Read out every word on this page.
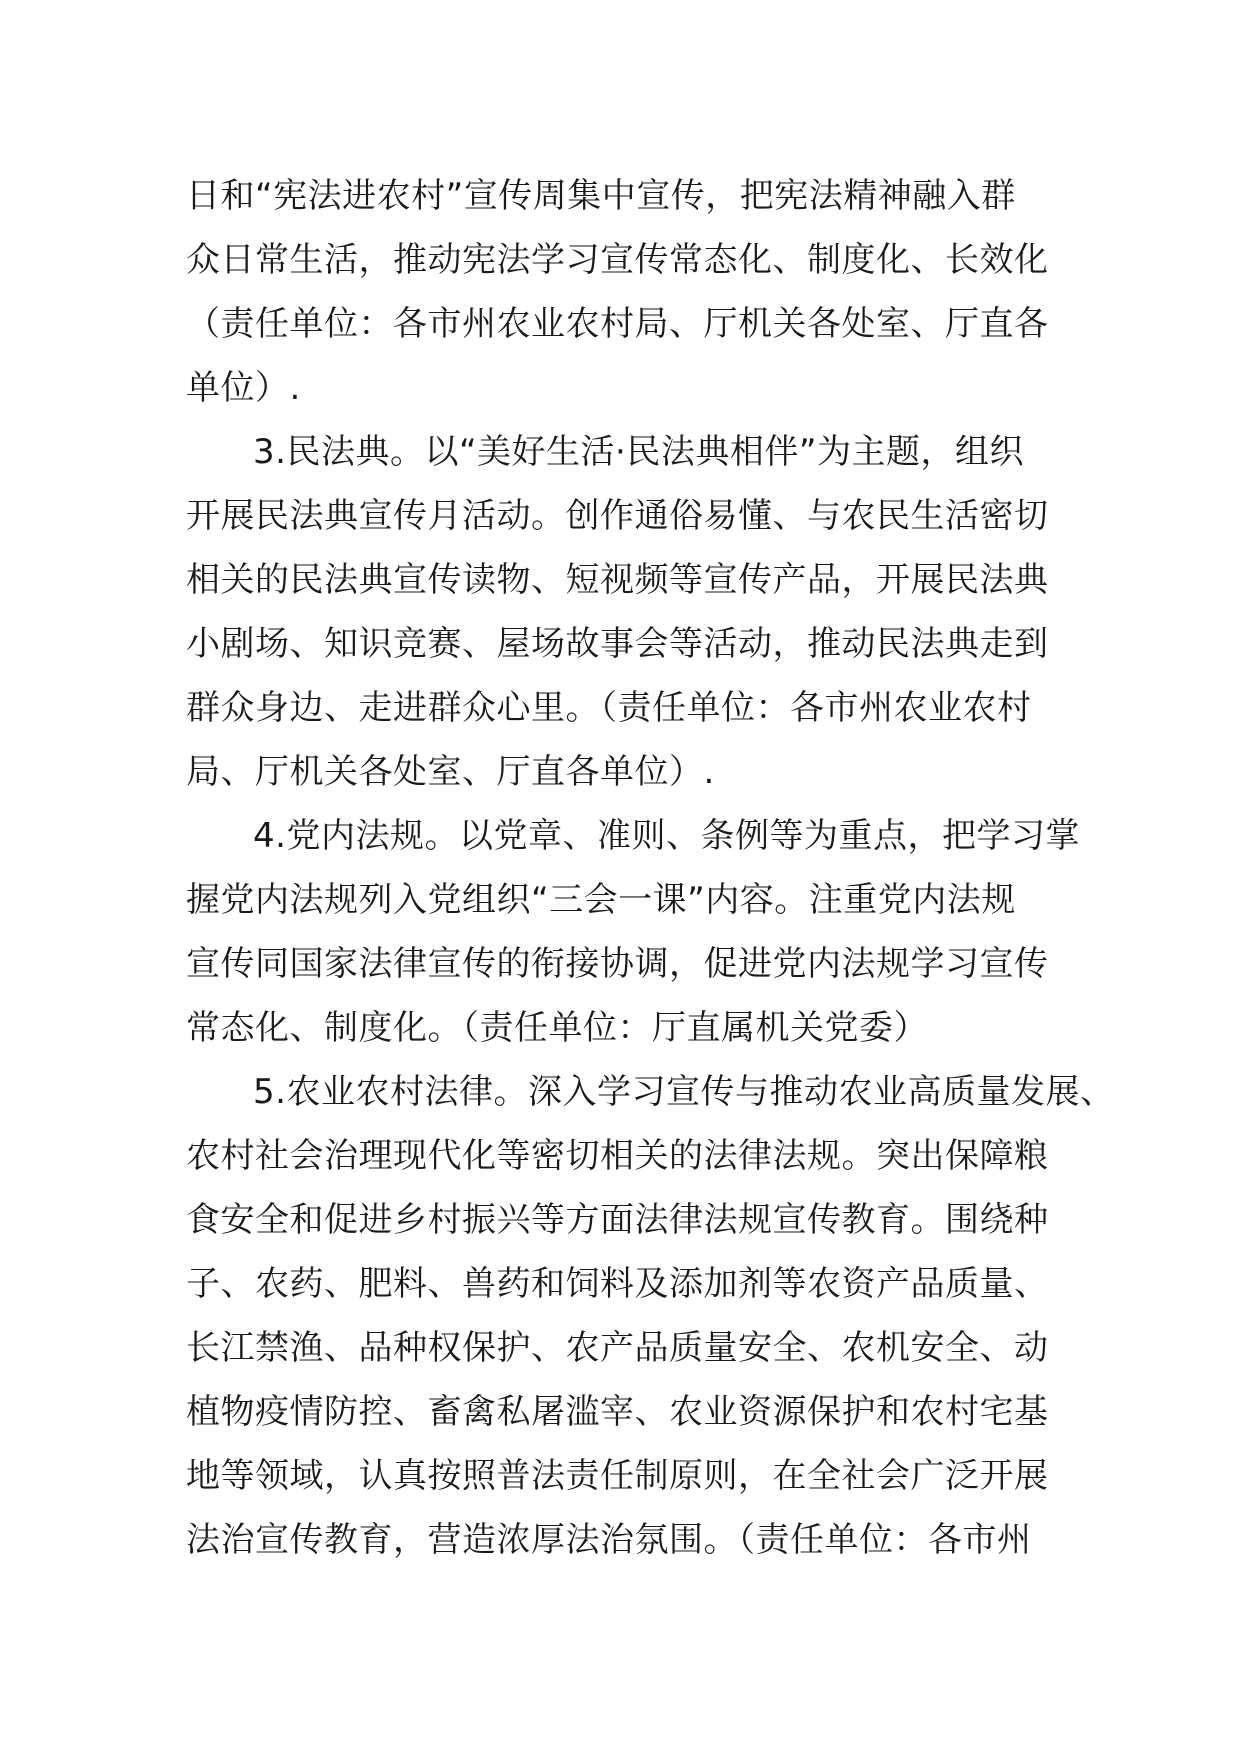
日和“宪法进农村”宣传周集中宣传，把宪法精神融入群
众日常生活，推动宪法学习宣传常态化、制度化、长效化
（责任单位：各市州农业农村局、厅机关各处室、厅直各
单位）.
3.民法典。以“美好生活·民法典相伴”为主题，组织
开展民法典宣传月活动。创作通俗易懂、与农民生活密切
相关的民法典宣传读物、短视频等宣传产品，开展民法典
小剧场、知识竞赛、屋场故事会等活动，推动民法典走到
群众身边、走进群众心里。（责任单位：各市州农业农村
局、厅机关各处室、厅直各单位）.
4.党内法规。以党章、准则、条例等为重点，把学习掌
握党内法规列入党组织“三会一课”内容。注重党内法规
宣传同国家法律宣传的衔接协调，促进党内法规学习宣传
常态化、制度化。（责任单位：厅直属机关党委）
5.农业农村法律。深入学习宣传与推动农业高质量发展、
农村社会治理现代化等密切相关的法律法规。突出保障粮
食安全和促进乡村振兴等方面法律法规宣传教育。围绕种
子、农药、肥料、兽药和饲料及添加剂等农资产品质量、
长江禁渔、品种权保护、农产品质量安全、农机安全、动
植物疫情防控、畜禽私屠滥宰、农业资源保护和农村宅基
地等领域，认真按照普法责任制原则，在全社会广泛开展
法治宣传教育，营造浓厚法治氛围。（责任单位：各市州
